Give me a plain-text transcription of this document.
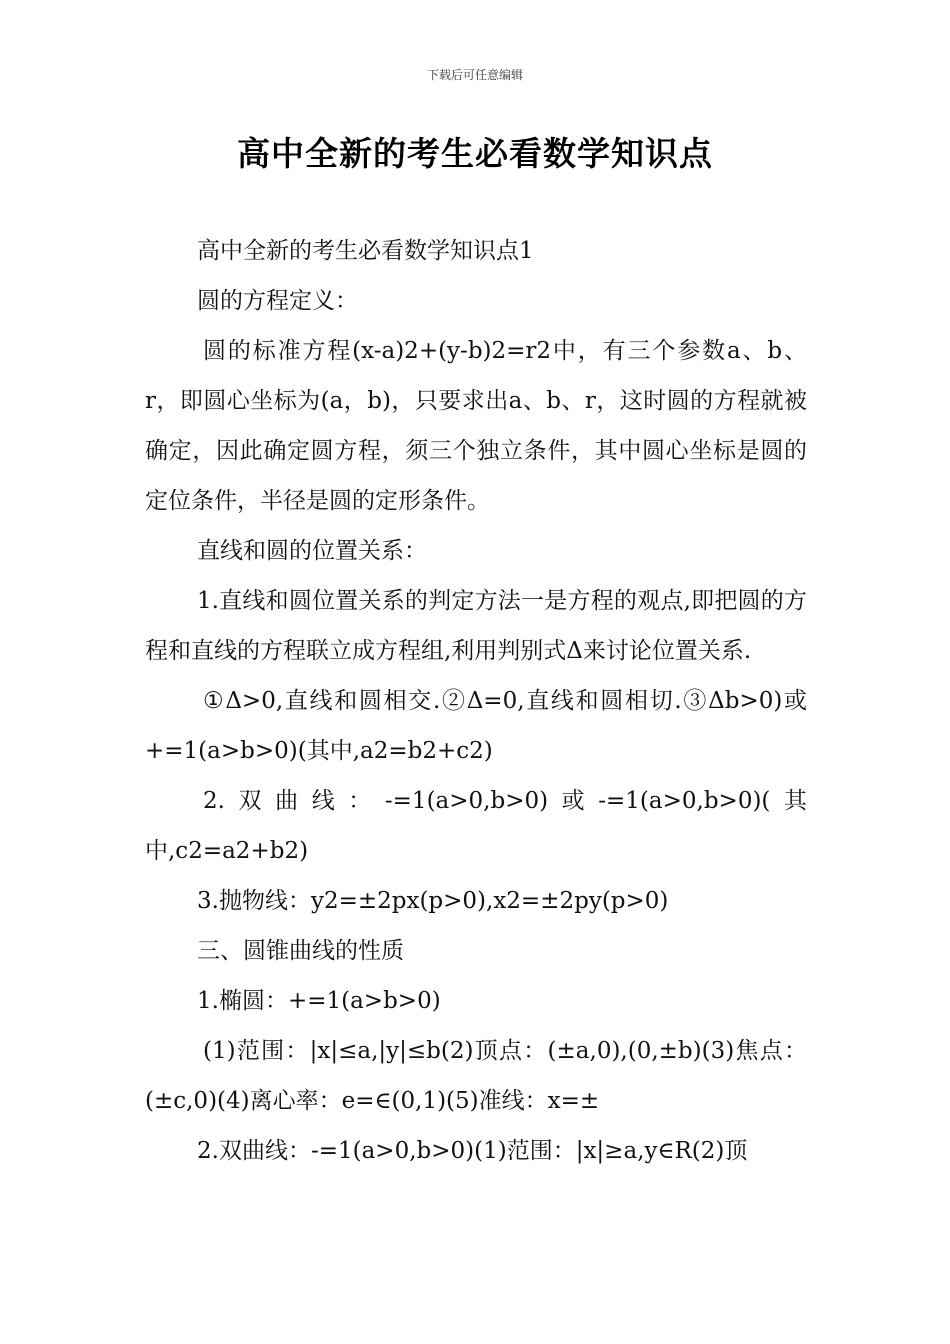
下载后可任意编辑
高中全新的考生必看数学知识点

高中全新的考生必看数学知识点1

圆的方程定义：

圆的标准方程(x-a)2+(y-b)2=r2中，有三个参数a、b、r，即圆心坐标为(a，b)，只要求出a、b、r，这时圆的方程就被确定，因此确定圆方程，须三个独立条件，其中圆心坐标是圆的定位条件，半径是圆的定形条件。

直线和圆的位置关系：

1.直线和圆位置关系的判定方法一是方程的观点,即把圆的方程和直线的方程联立成方程组,利用判别式Δ来讨论位置关系.

①Δ>0,直线和圆相交.②Δ=0,直线和圆相切.③Δb>0)或+=1(a>b>0)(其中,a2=b2+c2)

2.双曲线：-=1(a>0,b>0)或-=1(a>0,b>0)(其中,c2=a2+b2)

3.抛物线：y2=±2px(p>0),x2=±2py(p>0)

三、圆锥曲线的性质

1.椭圆：+=1(a>b>0)

(1)范围：|x|≤a,|y|≤b(2)顶点：(±a,0),(0,±b)(3)焦点：(±c,0)(4)离心率：e=∈(0,1)(5)准线：x=±

2.双曲线：-=1(a>0,b>0)(1)范围：|x|≥a,y∈R(2)顶
